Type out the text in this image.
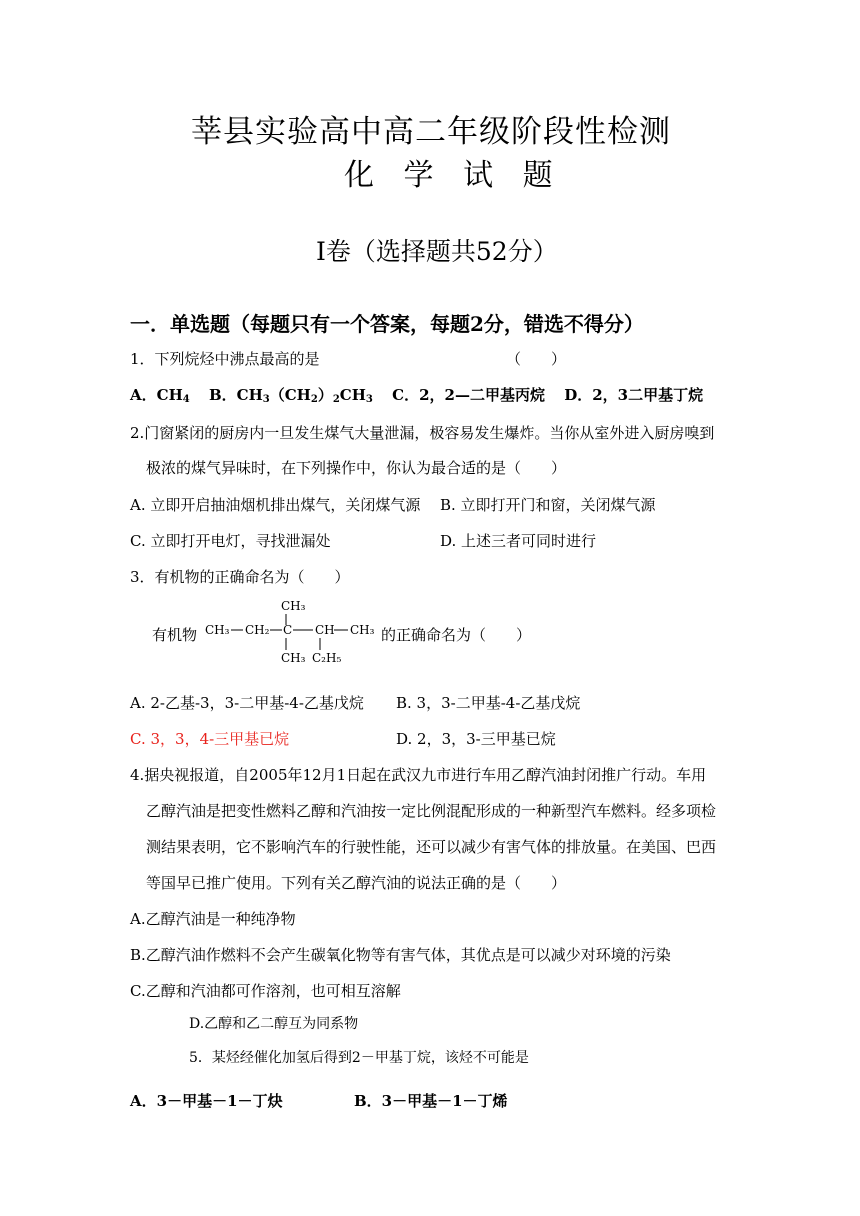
莘县实验高中高二年级阶段性检测
化 学 试 题
I卷（选择题共52分）
一．单选题（每题只有一个答案，每题2分，错选不得分）
1．下列烷烃中沸点最高的是	（　　）
A．$CH_4$ B．$CH_3(CH_2)_2CH_3$ C．2，2—二甲基丙烷 D．2，3二甲基丁烷
2.门窗紧闭的厨房内一旦发生煤气大量泄漏，极容易发生爆炸。当你从室外进入厨房嗅到
极浓的煤气异味时，在下列操作中，你认为最合适的是（　　）
A. 立即开启抽油烟机排出煤气，关闭煤气源 B. 立即打开门和窗，关闭煤气源
C. 立即打开电灯，寻找泄漏处	D. 上述三者可同时进行
3．有机物的正确命名为（　　）
有机物
CH₃
CH₃ CH₂ C CH CH₃
CH₃ C₂H₅
的正确命名为（　　）
A. 2-乙基-3，3-二甲基-4-乙基戊烷 B. 3，3-二甲基-4-乙基戊烷
C. 3，3，4-三甲基已烷	D. 2，3，3-三甲基已烷
4.据央视报道，自2005年12月1日起在武汉九市进行车用乙醇汽油封闭推广行动。车用
乙醇汽油是把变性燃料乙醇和汽油按一定比例混配形成的一种新型汽车燃料。经多项检
测结果表明，它不影响汽车的行驶性能，还可以减少有害气体的排放量。在美国、巴西
等国早已推广使用。下列有关乙醇汽油的说法正确的是（　　）
A.乙醇汽油是一种纯净物
B.乙醇汽油作燃料不会产生碳氧化物等有害气体，其优点是可以减少对环境的污染
C.乙醇和汽油都可作溶剂，也可相互溶解
D.乙醇和乙二醇互为同系物
5．某烃经催化加氢后得到2－甲基丁烷，该烃不可能是
A．3－甲基－1－丁炔	B．3－甲基－1－丁烯
